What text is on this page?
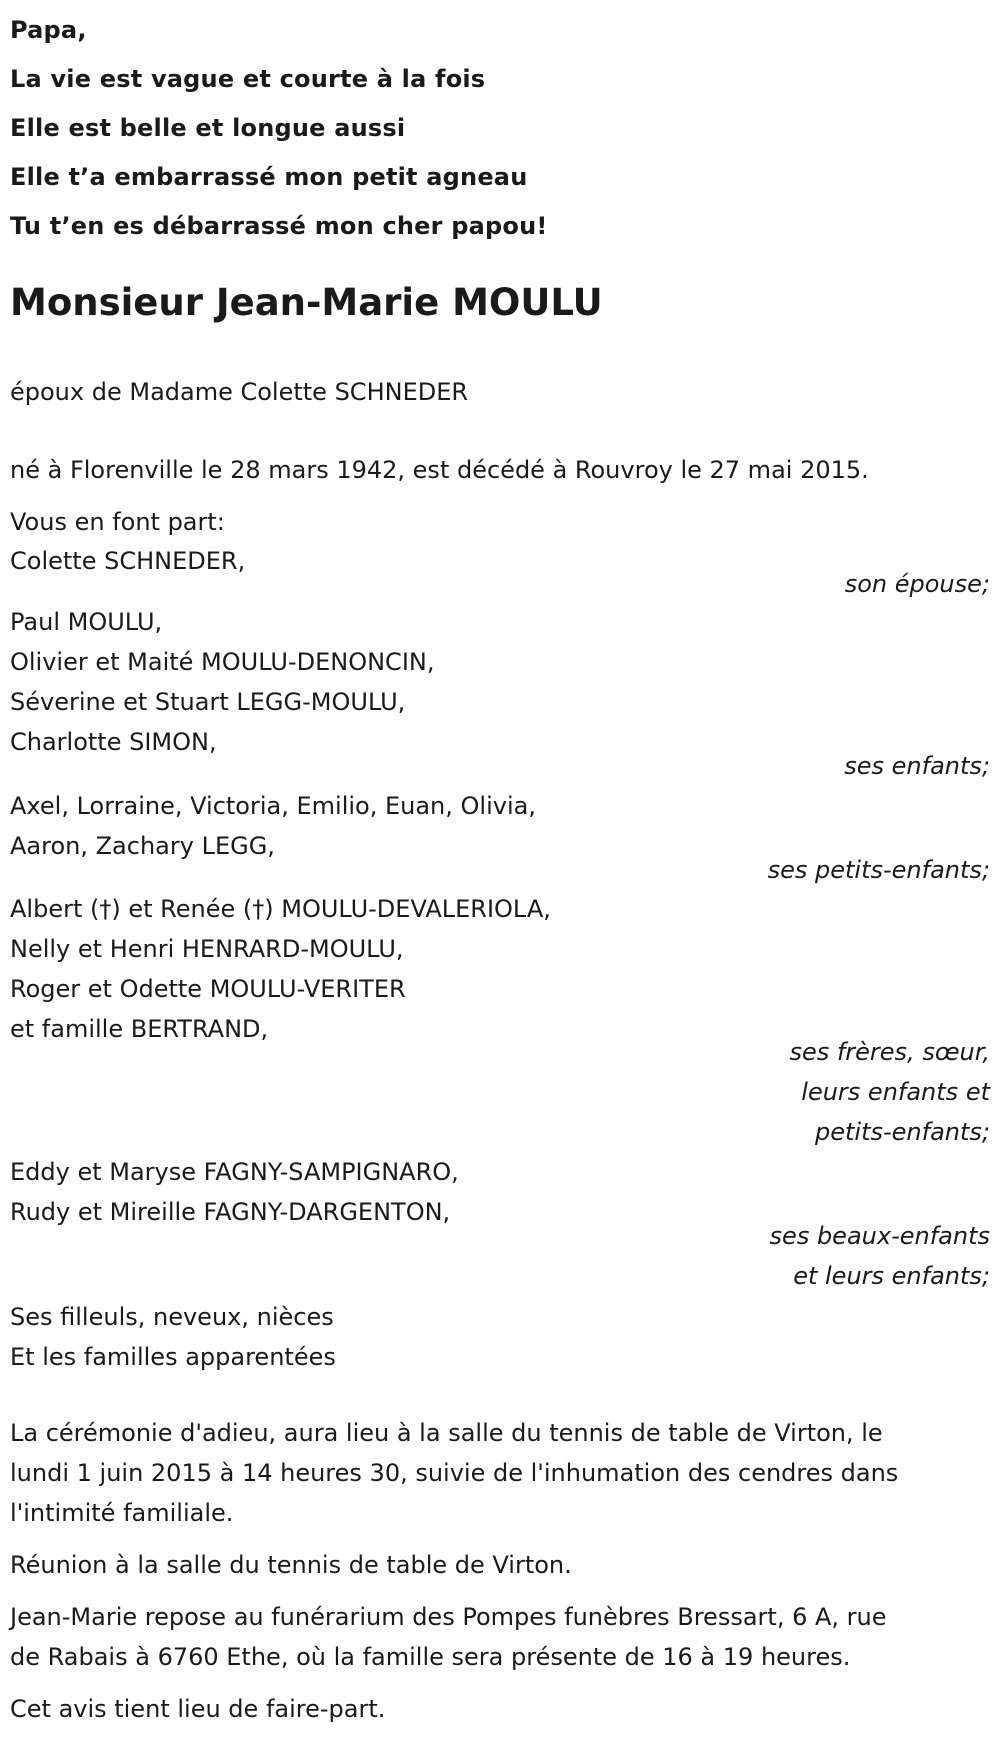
Papa,
La vie est vague et courte à la fois
Elle est belle et longue aussi
Elle t’a embarrassé mon petit agneau
Tu t’en es débarrassé mon cher papou!
Monsieur Jean-Marie MOULU
époux de Madame Colette SCHNEDER
né à Florenville le 28 mars 1942, est décédé à Rouvroy le 27 mai 2015.
Vous en font part:
Colette SCHNEDER,
son épouse;
Paul MOULU,
Olivier et Maité MOULU-DENONCIN,
Séverine et Stuart LEGG-MOULU,
Charlotte SIMON,
ses enfants;
Axel, Lorraine, Victoria, Emilio, Euan, Olivia,
Aaron, Zachary LEGG,
ses petits-enfants;
Albert (†) et Renée (†) MOULU-DEVALERIOLA,
Nelly et Henri HENRARD-MOULU,
Roger et Odette MOULU-VERITER
et famille BERTRAND,
ses frères, sœur,
leurs enfants et
petits-enfants;
Eddy et Maryse FAGNY-SAMPIGNARO,
Rudy et Mireille FAGNY-DARGENTON,
ses beaux-enfants
et leurs enfants;
Ses filleuls, neveux, nièces
Et les familles apparentées
La cérémonie d'adieu, aura lieu à la salle du tennis de table de Virton, le
lundi 1 juin 2015 à 14 heures 30, suivie de l'inhumation des cendres dans
l'intimité familiale.
Réunion à la salle du tennis de table de Virton.
Jean-Marie repose au funérarium des Pompes funèbres Bressart, 6 A, rue
de Rabais à 6760 Ethe, où la famille sera présente de 16 à 19 heures.
Cet avis tient lieu de faire-part.
